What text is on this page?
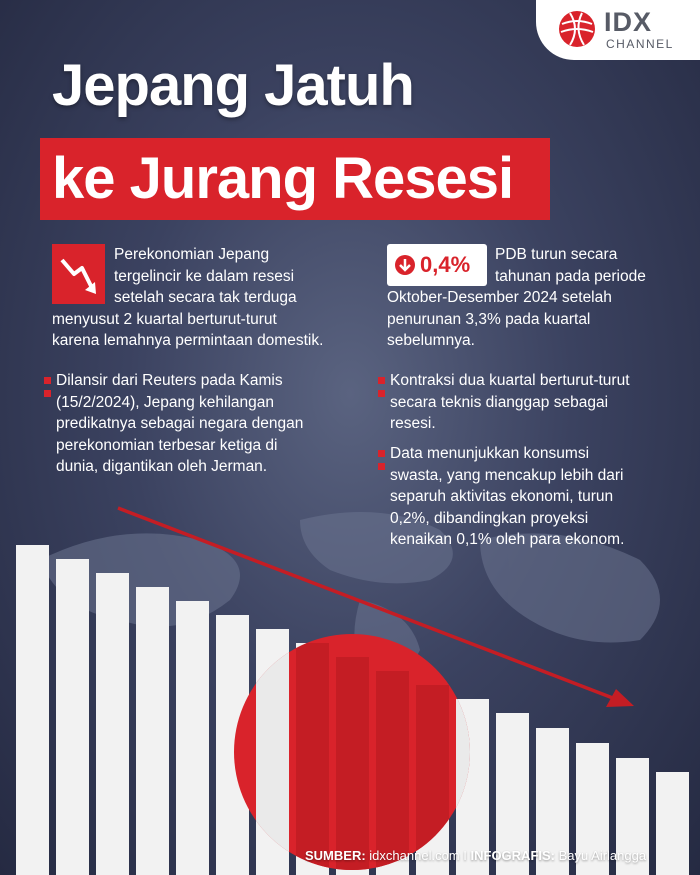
IDX
CHANNEL
Jepang Jatuh
ke Jurang Resesi
Perekonomian Jepang
tergelincir ke dalam resesi
setelah secara tak terduga
menyusut 2 kuartal berturut-turut
karena lemahnya permintaan domestik.
Dilansir dari Reuters pada Kamis
(15/2/2024), Jepang kehilangan
predikatnya sebagai negara dengan
perekonomian terbesar ketiga di
dunia, digantikan oleh Jerman.
0,4%	PDB turun secara
tahunan pada periode
Oktober-Desember 2024 setelah
penurunan 3,3% pada kuartal
sebelumnya.
Kontraksi dua kuartal berturut-turut
secara teknis dianggap sebagai
resesi.
Data menunjukkan konsumsi
swasta, yang mencakup lebih dari
separuh aktivitas ekonomi, turun
0,2%, dibandingkan proyeksi
kenaikan 0,1% oleh para ekonom.
SUMBER: idxchannel.com I INFOGRAFIS: Bayu Airlangga
